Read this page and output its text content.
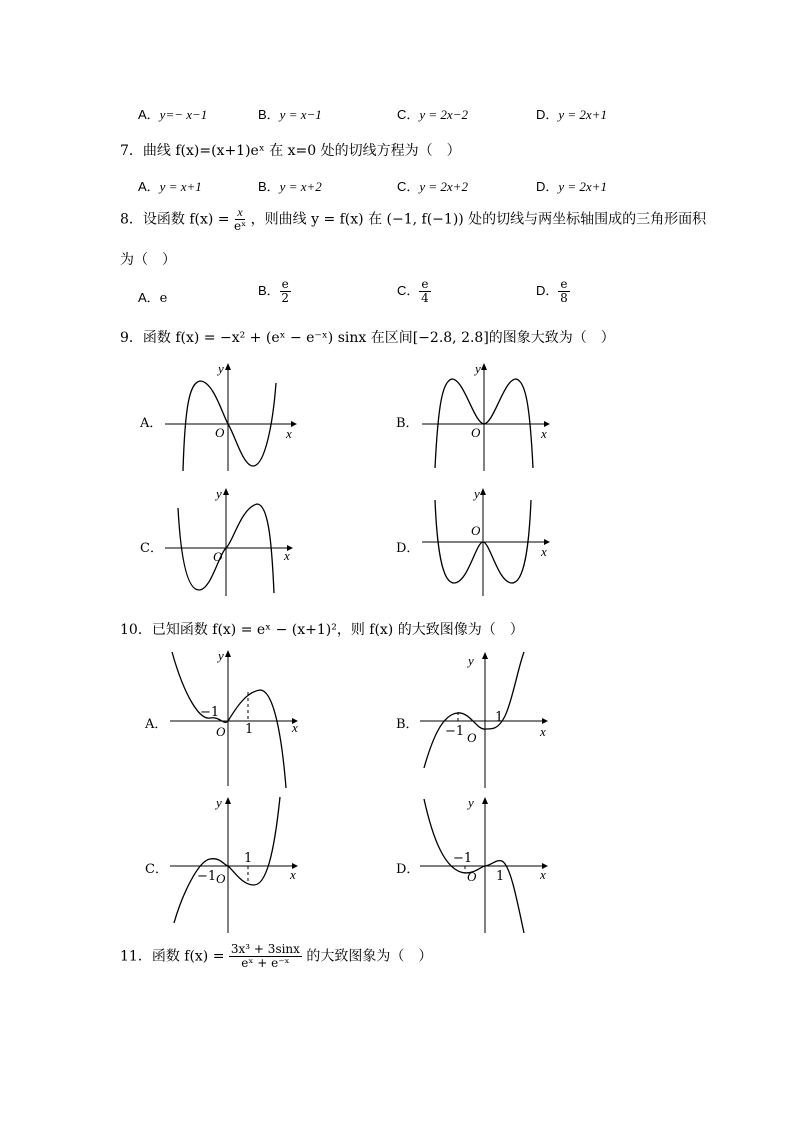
A．y=− x−1	B．y = x−1	C．y = 2x−2	D．y = 2x+1
7．曲线 f(x)=(x+1)eˣ 在 x=0 处的切线方程为（　）
A．y = x+1	B．y = x+2	C．y = 2x+2	D．y = 2x+1
8．设函数 $f(x) = \frac{x}{\text{eˣ}}$ ，则曲线 y = f(x) 在 (−1, f(−1)) 处的切线与两坐标轴围成的三角形面积
为（　）
A．e
B． $\frac{e}{2}$	C． $\frac{e}{4}$	D． $\frac{e}{8}$
9．函数 f(x) = −x² + (eˣ − e⁻ˣ) sinx 在区间[−2.8, 2.8]的图象大致为（　）
A．
y
x
O
B．
y
x
O
C．
y
x
O
D．
y
x
O
10．已知函数 f(x) = eˣ − (x+1)²，则 f(x) 的大致图像为（　）
A．
y
x
O
−1
1	B．
y
x
O
−1
1
C．
y
x
O
−1
1
D．
y
x
O
−1
1
11．函数 $f(x) = \frac{\text{3x³ + 3sinx}}{\text{eˣ + e⁻ˣ}}$ 的大致图象为（　）
